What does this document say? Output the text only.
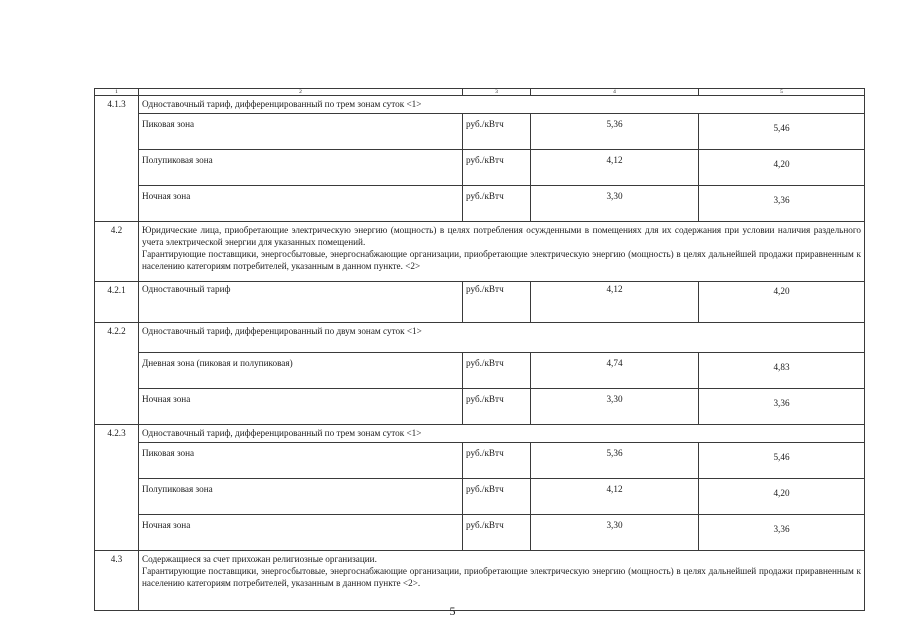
1	2	3	4	5
4.1.3	Одноставочный тариф, дифференцированный по трем зонам суток <1>			
	Пиковая зона	руб./кВтч	5,36	5,46
	Полупиковая зона	руб./кВтч	4,12	4,20
	Ночная зона	руб./кВтч	3,30	3,36
4.2	Юридические лица, приобретающие электрическую энергию (мощность) в целях потребления осужденными в помещениях для их содержания при условии наличия раздельного учета электрической энергии для указанных помещений.
Гарантирующие поставщики, энергосбытовые, энергоснабжающие организации, приобретающие электрическую энергию (мощность) в целях дальнейшей продажи приравненным к населению категориям потребителей, указанным в данном пункте. <2>			

4.2.1	Одноставочный тариф	руб./кВтч	4,12	4,20
4.2.2	Одноставочный тариф, дифференцированный по двум зонам суток <1>			
	Дневная зона (пиковая и полупиковая)	руб./кВтч	4,74	4,83
	Ночная зона	руб./кВтч	3,30	3,36
4.2.3	Одноставочный тариф, дифференцированный по трем зонам суток <1>			
	Пиковая зона	руб./кВтч	5,36	5,46
	Полупиковая зона	руб./кВтч	4,12	4,20
	Ночная зона	руб./кВтч	3,30	3,36
4.3	Содержащиеся за счет прихожан религиозные организации.
Гарантирующие поставщики, энергосбытовые, энергоснабжающие организации, приобретающие электрическую энергию (мощность) в целях дальнейшей продажи приравненным к населению категориям потребителей, указанным в данном пункте <2>.			
5
